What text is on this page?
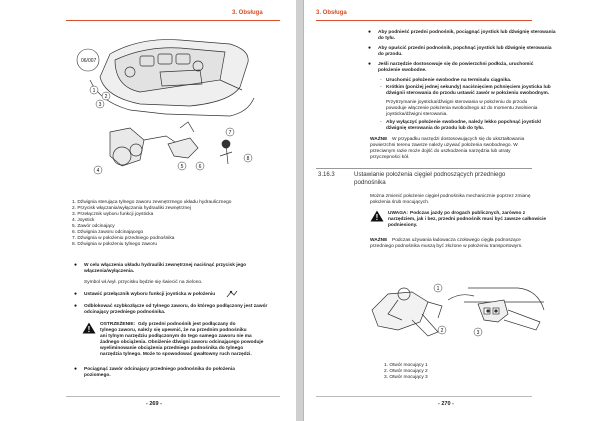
3. Obsługa
06/007
1
2
3
4
5	6
7
8
1. Dźwignia sterująca tylnego zaworu zewnętrznego układu hydraulicznego
2. Przycisk włączania/wyłączania hydrauliki zewnętrznej
3. Przełącznik wyboru funkcji joysticka
4. Joystick
5. Zawór odcinający
6. Dźwignia zaworu odcinającego
7. Dźwignia w położeniu przedniego podnośnika
8. Dźwignia w położeniu tylnego zaworu
● W celu włączenia układu hydrauliki zewnętrznej naciśnąć przycisk jego
włączenia/wyłączenia.
Symbol wł./wył. przycisku będzie się świecić na zielono.
● Ustawić przełącznik wyboru funkcji joysticka w położeniu
● Odblokować szybkozłącze od tylnego zaworu, do którego podłączony jest zawór
odcinający przedniego podnośnika.
!
OSTRZEŻENIE: Gdy przedni podnośnik jest podłączany do
tylnego zaworu, należy się upewnić, że na przednim podnośniku
ani tylnym narzędziu podłączonym do tego samego zaworu nie ma
żadnego obciążenia. Obniżenie dźwigni zaworu odcinającego powoduje
wyeliminowanie obciążenia przedniego podnośnika do tylnego
narzędzia tylnego. Może to spowodować gwałtowny ruch narzędzi.
● Pociągnąć zawór odcinający przedniego podnośnika do położenia
poziomego.
- 269 -
3. Obsługa
● Aby podnieść przedni podnośnik, pociągnąć joystick lub dźwignię sterowania
do tyłu.
● Aby opuścić przedni podnośnik, popchnąć joystick lub dźwignię sterowania
do przodu.
● Jeśli narzędzie dostosowuje się do powierzchni podłoża, uruchomić
położenie swobodne.
- Uruchomić położenie swobodne na terminalu ciągnika.
- Krótkim (poniżej jednej sekundy) naciśnięciem pchnięciem joysticka lub
dźwignii sterowania do przodu ustawić zawór w położeniu swobodnym.
Przytrzymanie joysticka/dźwigni sterowania w położeniu do przodu
powoduje włączenie położenia swobodnego aż do momentu zwolnienia
joysticka/dźwigni sterowania.
- Aby wyłączyć położenie swobodne, należy lekko popchnąć joystick/
dźwignię sterowania do przodu lub do tyłu.
WAŻNE W przypadku narzędzi dostosowujących się do ukształtowania
powierzchni terenu zawsze należy używać położenia swobodnego. W
przeciwnym razie może dojść do uszkodzenia narzędzia lub utraty
przyczepności kół.
3.16.3	Ustawianie położenia cięgieł podnoszących przedniego
podnośnika
Można zmienić położenie cięgieł podnośnika mechanicznie poprzez zmianę
położenia śrub mocujących.
! UWAGA: Podczas jazdy po drogach publicznych, zarówno z
narzędziem, jak i bez, przedni podnośnik musi być zawsze całkowicie
podniesiony.
WAŻNE Podczas używania ładowacza czołowego cięgła podnoszące
przedniego podnośnika muszą być złożone w położeniu transportowym.
1
2	3
1. Otwór mocujący 1
2. Otwór mocujący 2
3. Otwór mocujący 3
- 270 -
